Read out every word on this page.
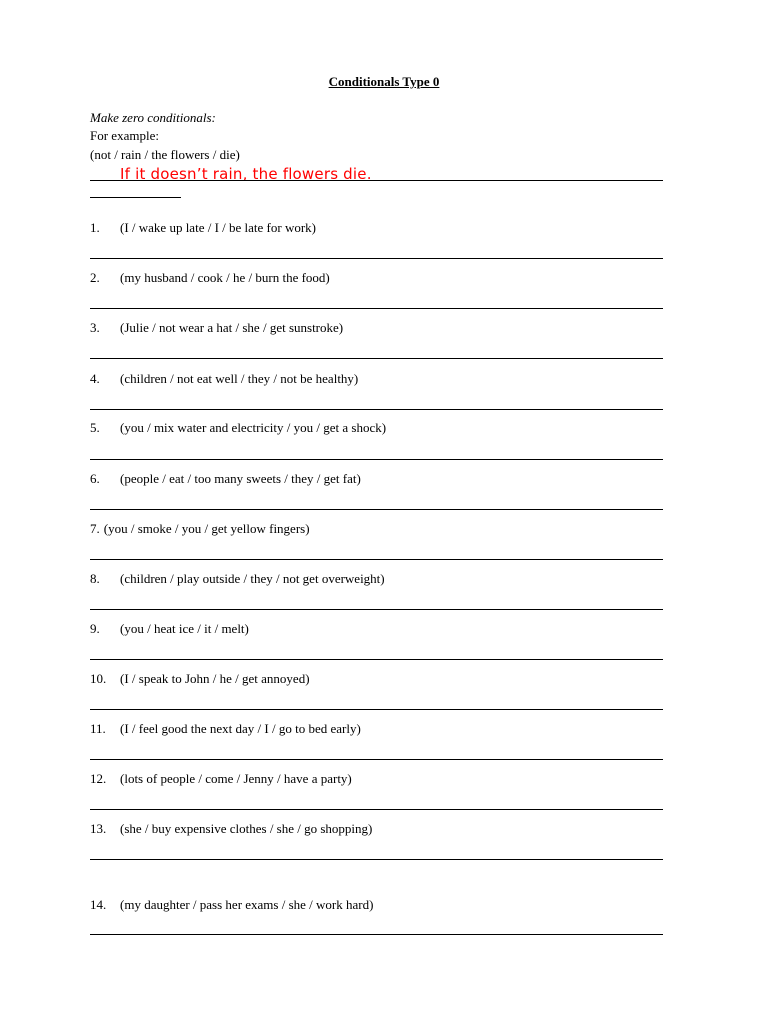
Conditionals Type 0
Make zero conditionals:
For example:
(not / rain / the flowers / die)
If it doesn’t rain, the flowers die.
1. (I / wake up late / I / be late for work)
2. (my husband / cook / he / burn the food)
3. (Julie / not wear a hat / she / get sunstroke)
4. (children / not eat well / they / not be healthy)
5. (you / mix water and electricity / you / get a shock)
6. (people / eat / too many sweets / they / get fat)
7. (you / smoke / you / get yellow fingers)
8. (children / play outside / they / not get overweight)
9. (you / heat ice / it / melt)
10. (I / speak to John / he / get annoyed)
11. (I / feel good the next day / I / go to bed early)
12. (lots of people / come / Jenny / have a party)
13. (she / buy expensive clothes / she / go shopping)
14. (my daughter / pass her exams / she / work hard)
